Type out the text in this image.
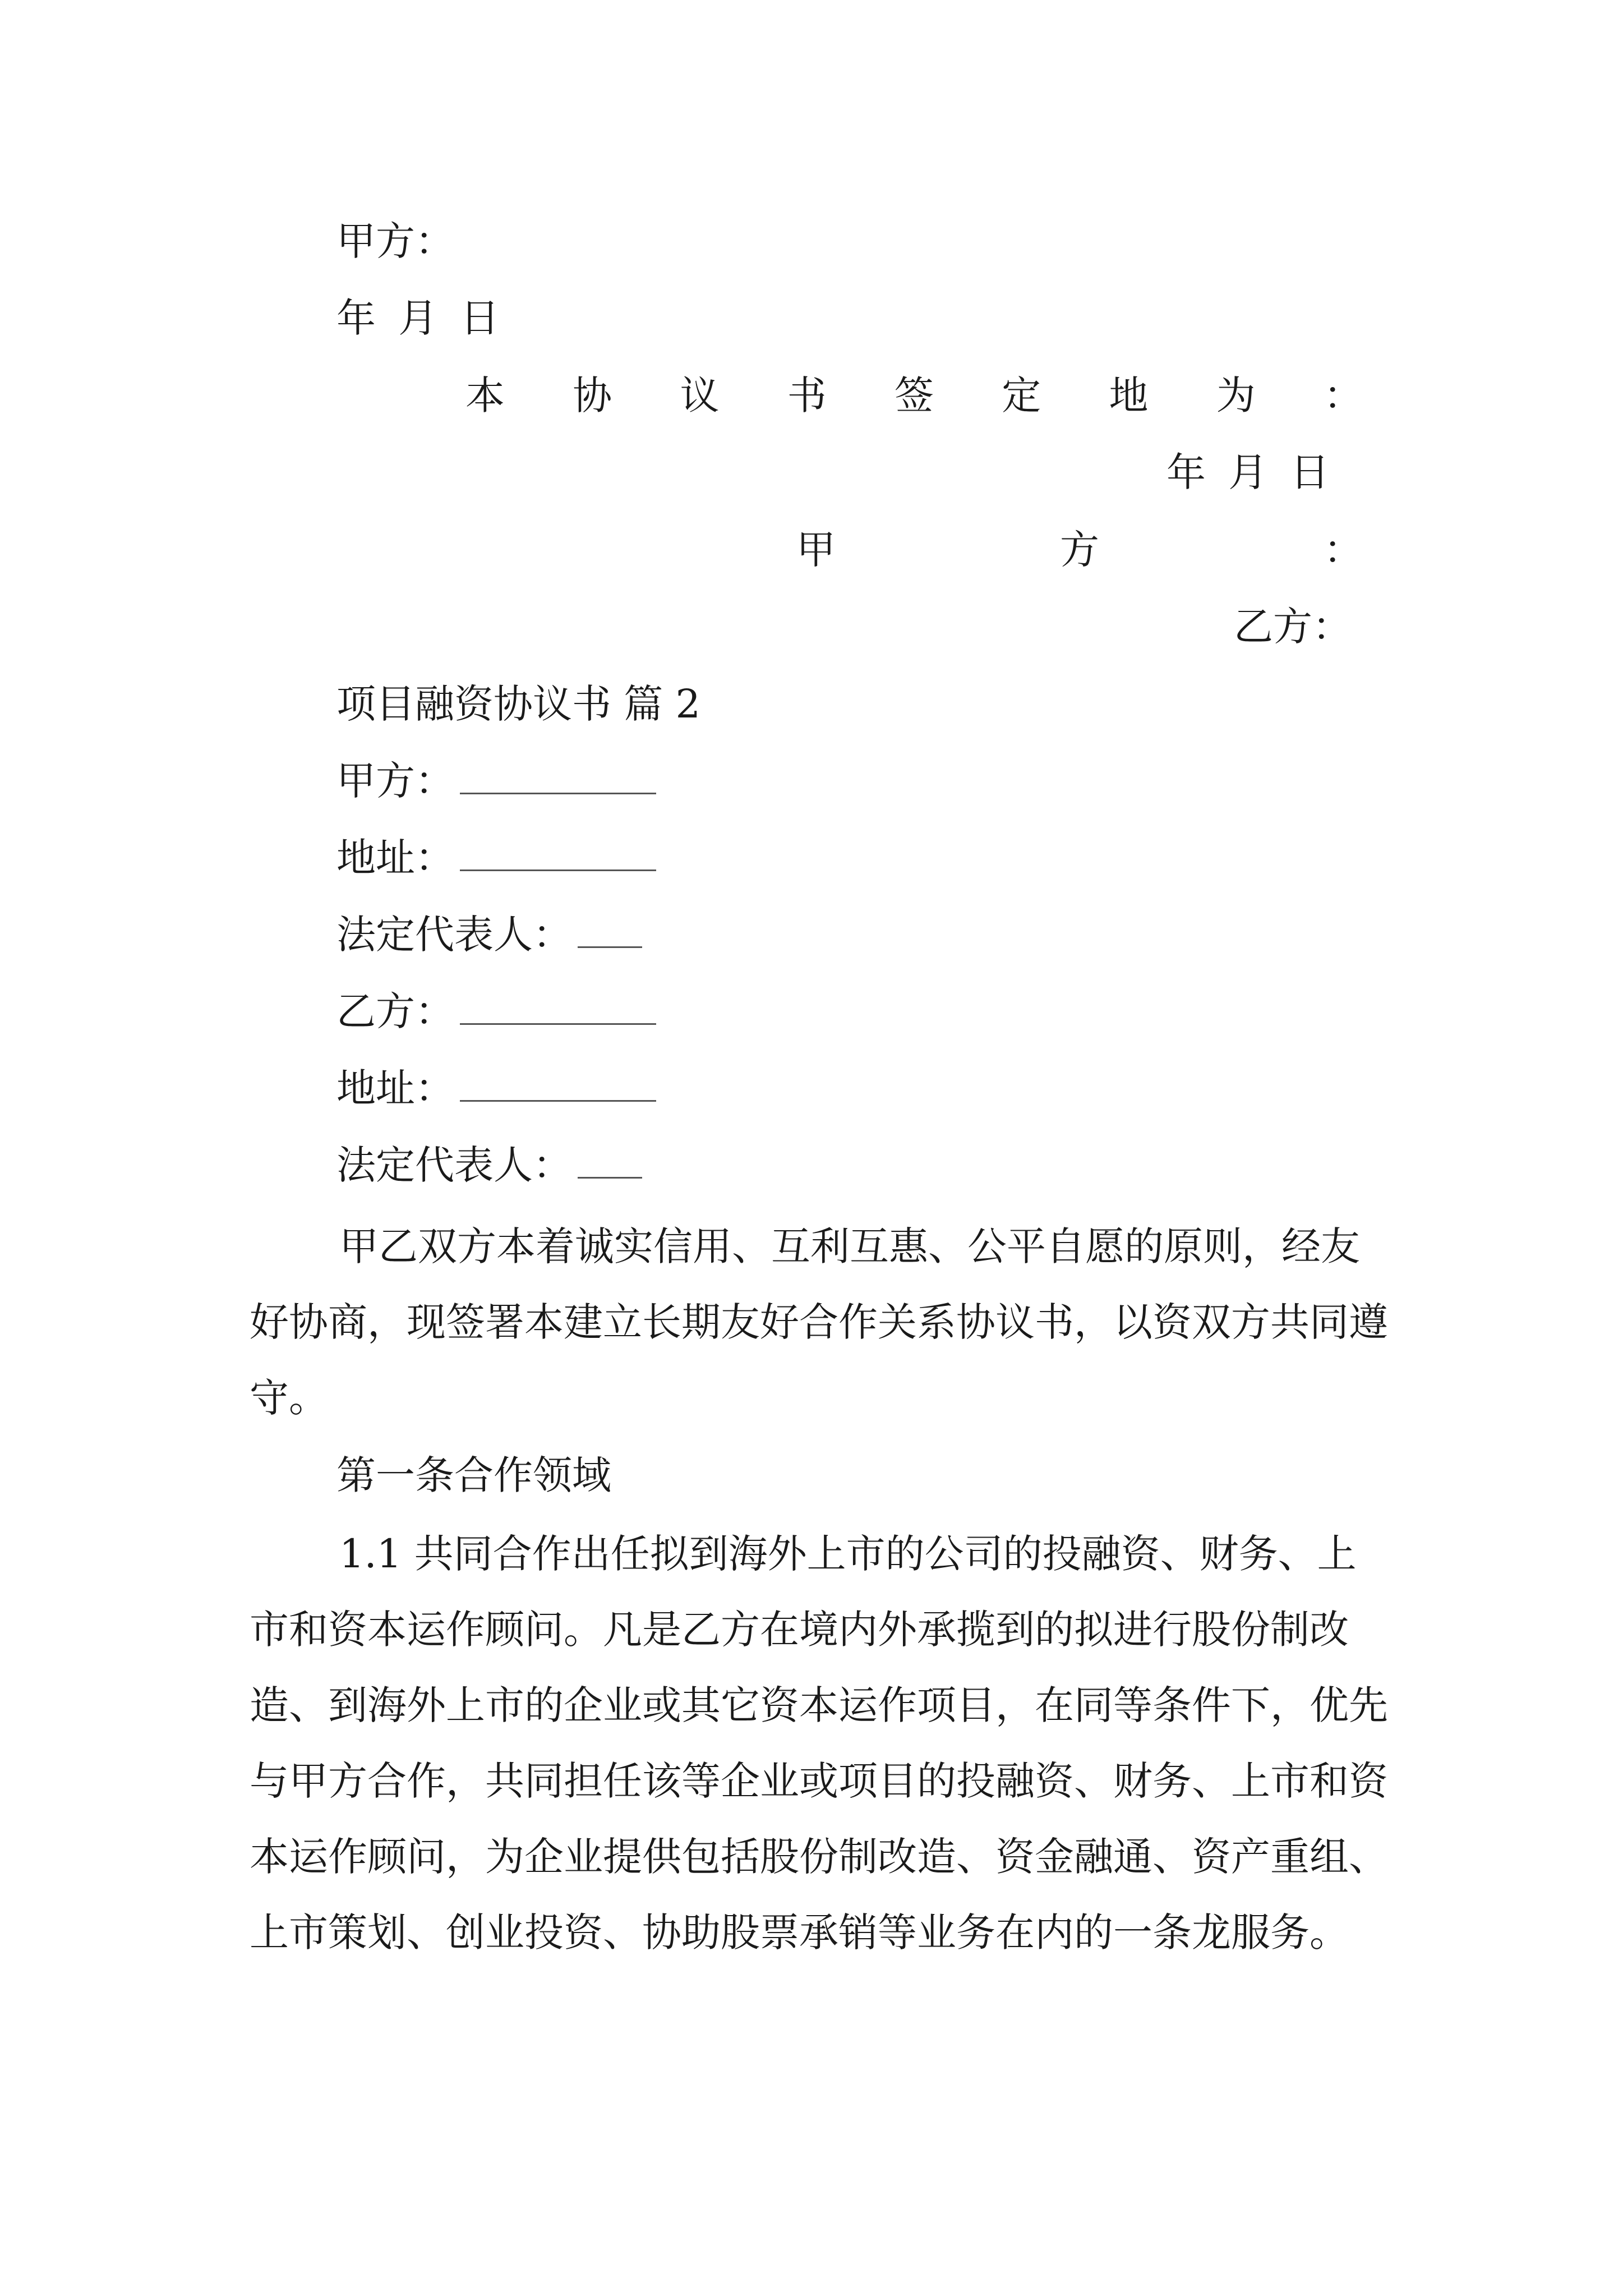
甲方：
年 月 日
本 协 议 书 签 定 地 为 ：
年 月 日
甲	方	：
乙方：
项目融资协议书 篇 2
甲方：
地址：
法定代表人：
乙方：
地址：
法定代表人：
甲乙双方本着诚实信用、互利互惠、公平自愿的原则，经友好协商，现签署本建立长期友好合作关系协议书，以资双方共同遵守。
第一条合作领域
1.1 共同合作出任拟到海外上市的公司的投融资、财务、上市和资本运作顾问。凡是乙方在境内外承揽到的拟进行股份制改造、到海外上市的企业或其它资本运作项目，在同等条件下，优先与甲方合作，共同担任该等企业或项目的投融资、财务、上市和资本运作顾问，为企业提供包括股份制改造、资金融通、资产重组、上市策划、创业投资、协助股票承销等业务在内的一条龙服务。
